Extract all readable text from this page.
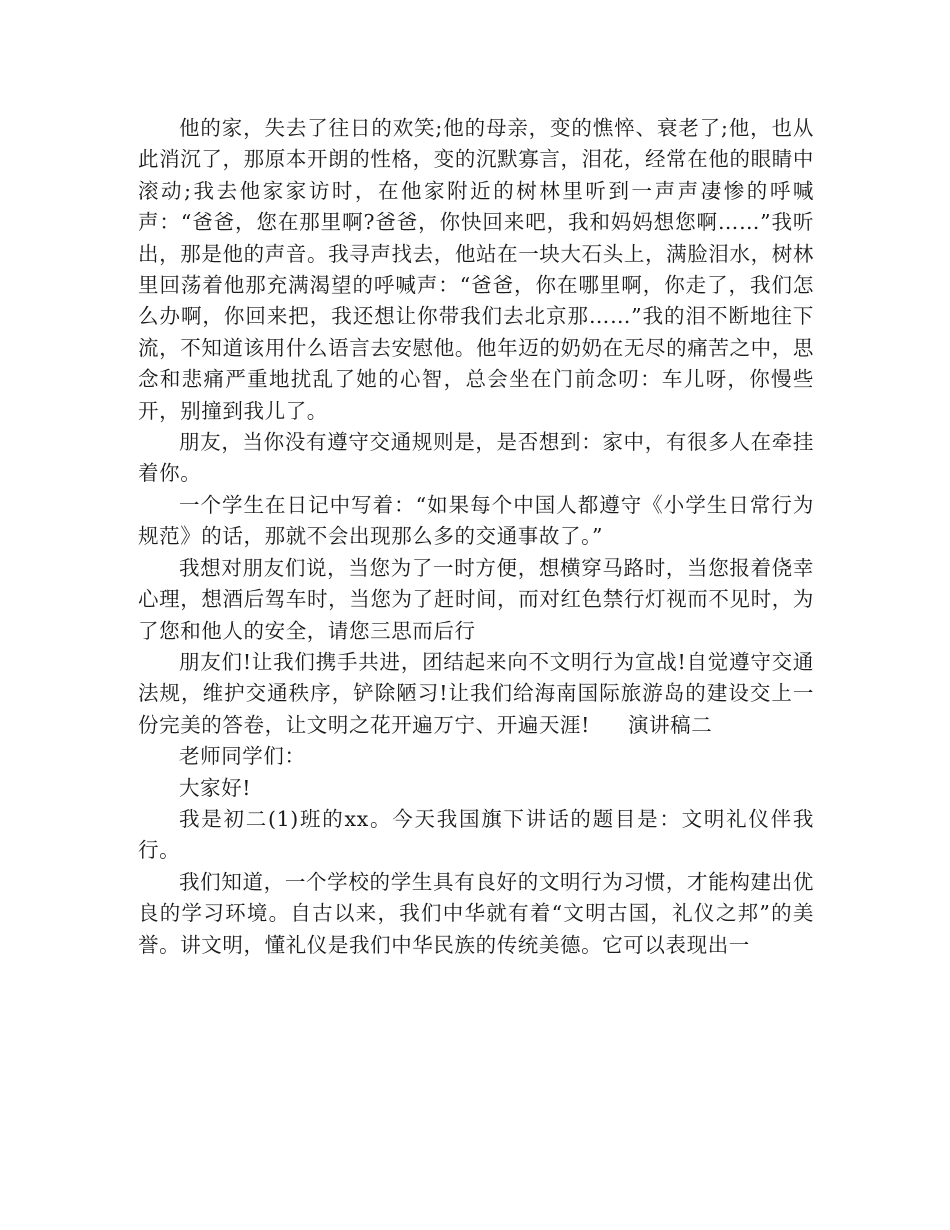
他的家，失去了往日的欢笑;他的母亲，变的憔悴、衰老了;他，也从此消沉了，那原本开朗的性格，变的沉默寡言，泪花，经常在他的眼睛中滚动;我去他家家访时，在他家附近的树林里听到一声声凄惨的呼喊声：“爸爸，您在那里啊?爸爸，你快回来吧，我和妈妈想您啊……”我听出，那是他的声音。我寻声找去，他站在一块大石头上，满脸泪水，树林里回荡着他那充满渴望的呼喊声：“爸爸，你在哪里啊，你走了，我们怎么办啊，你回来把，我还想让你带我们去北京那……”我的泪不断地往下流，不知道该用什么语言去安慰他。他年迈的奶奶在无尽的痛苦之中，思念和悲痛严重地扰乱了她的心智，总会坐在门前念叨：车儿呀，你慢些开，别撞到我儿了。

朋友，当你没有遵守交通规则是，是否想到：家中，有很多人在牵挂着你。

一个学生在日记中写着：“如果每个中国人都遵守《小学生日常行为规范》的话，那就不会出现那么多的交通事故了。”

我想对朋友们说，当您为了一时方便，想横穿马路时，当您报着侥幸心理，想酒后驾车时，当您为了赶时间，而对红色禁行灯视而不见时，为了您和他人的安全，请您三思而后行

朋友们!让我们携手共进，团结起来向不文明行为宣战!自觉遵守交通法规，维护交通秩序，铲除陋习!让我们给海南国际旅游岛的建设交上一份完美的答卷，让文明之花开遍万宁、开遍天涯! 演讲稿二

老师同学们：

大家好!

我是初二(1)班的xx。今天我国旗下讲话的题目是：文明礼仪伴我行。

我们知道，一个学校的学生具有良好的文明行为习惯，才能构建出优良的学习环境。自古以来，我们中华就有着“文明古国，礼仪之邦”的美誉。讲文明，懂礼仪是我们中华民族的传统美德。它可以表现出一
